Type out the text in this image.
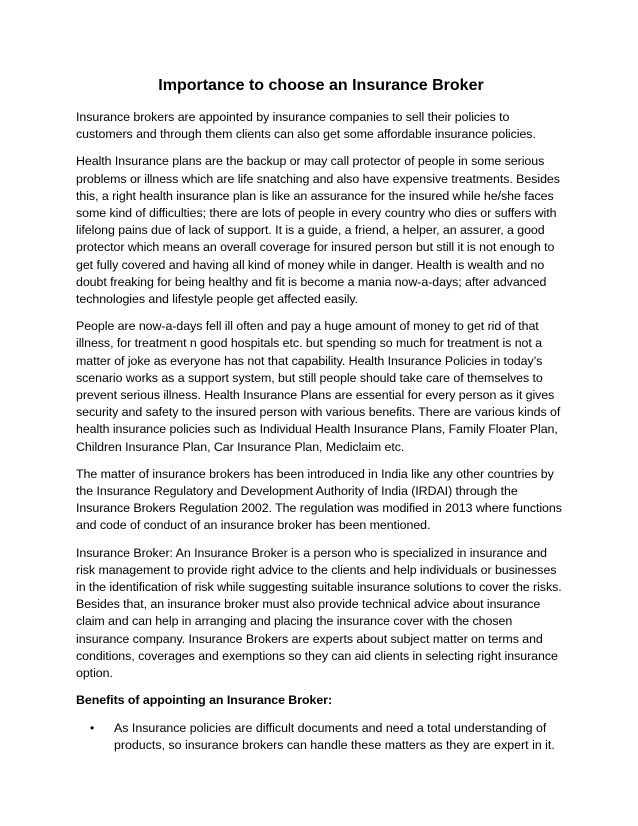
Importance to choose an Insurance Broker

Insurance brokers are appointed by insurance companies to sell their policies to customers and through them clients can also get some affordable insurance policies.

Health Insurance plans are the backup or may call protector of people in some serious problems or illness which are life snatching and also have expensive treatments. Besides this, a right health insurance plan is like an assurance for the insured while he/she faces some kind of difficulties; there are lots of people in every country who dies or suffers with lifelong pains due of lack of support. It is a guide, a friend, a helper, an assurer, a good protector which means an overall coverage for insured person but still it is not enough to get fully covered and having all kind of money while in danger. Health is wealth and no doubt freaking for being healthy and fit is become a mania now-a-days; after advanced technologies and lifestyle people get affected easily.

People are now-a-days fell ill often and pay a huge amount of money to get rid of that illness, for treatment n good hospitals etc. but spending so much for treatment is not a matter of joke as everyone has not that capability. Health Insurance Policies in today’s scenario works as a support system, but still people should take care of themselves to prevent serious illness. Health Insurance Plans are essential for every person as it gives security and safety to the insured person with various benefits. There are various kinds of health insurance policies such as Individual Health Insurance Plans, Family Floater Plan, Children Insurance Plan, Car Insurance Plan, Mediclaim etc.

The matter of insurance brokers has been introduced in India like any other countries by the Insurance Regulatory and Development Authority of India (IRDAI) through the Insurance Brokers Regulation 2002. The regulation was modified in 2013 where functions and code of conduct of an insurance broker has been mentioned.

Insurance Broker: An Insurance Broker is a person who is specialized in insurance and risk management to provide right advice to the clients and help individuals or businesses in the identification of risk while suggesting suitable insurance solutions to cover the risks. Besides that, an insurance broker must also provide technical advice about insurance claim and can help in arranging and placing the insurance cover with the chosen insurance company. Insurance Brokers are experts about subject matter on terms and conditions, coverages and exemptions so they can aid clients in selecting right insurance option.

Benefits of appointing an Insurance Broker:

• As Insurance policies are difficult documents and need a total understanding of products, so insurance brokers can handle these matters as they are expert in it.
